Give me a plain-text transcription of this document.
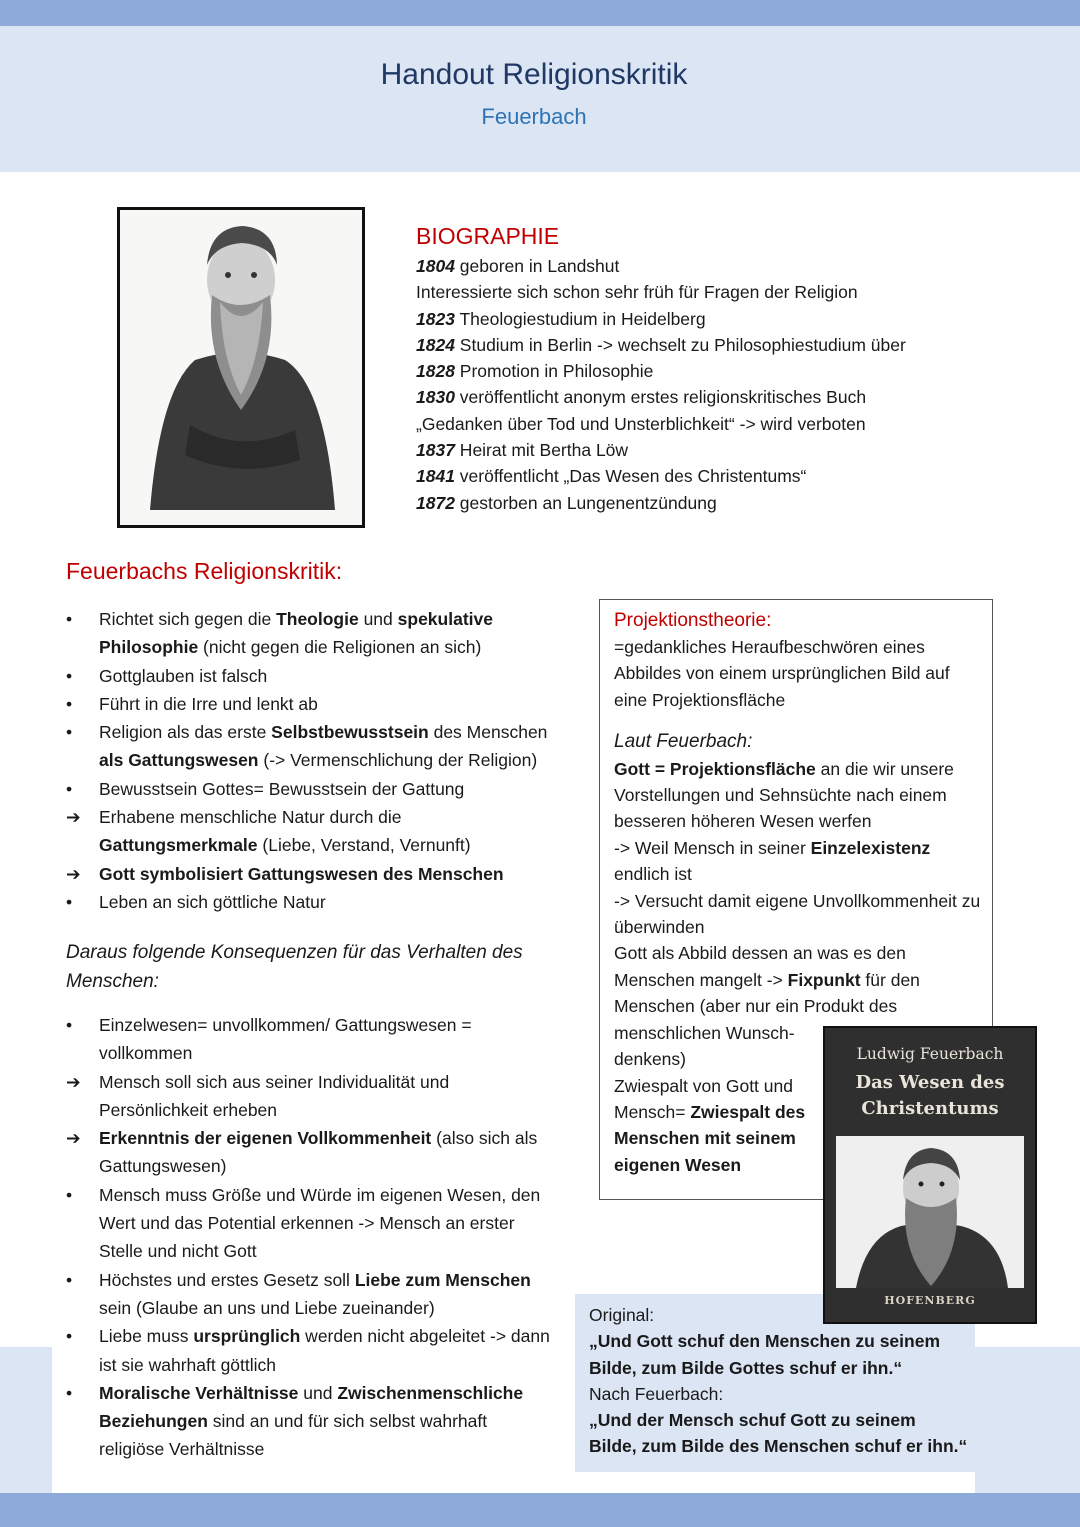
Handout Religionskritik
Feuerbach
BIOGRAPHIE
1804 geboren in Landshut
Interessierte sich schon sehr früh für Fragen der Religion
1823 Theologiestudium in Heidelberg
1824 Studium in Berlin -> wechselt zu Philosophiestudium über
1828 Promotion in Philosophie
1830 veröffentlicht anonym erstes religionskritisches Buch
„Gedanken über Tod und Unsterblichkeit“ -> wird verboten
1837 Heirat mit Bertha Löw
1841 veröffentlicht „Das Wesen des Christentums“
1872 gestorben an Lungenentzündung
Feuerbachs Religionskritik:
•	Richtet sich gegen die Theologie und spekulative Philosophie (nicht gegen die Religionen an sich)
•	Gottglauben ist falsch
•	Führt in die Irre und lenkt ab
•	Religion als das erste Selbstbewusstsein des Menschen als Gattungswesen (-> Vermenschlichung der Religion)
•	Bewusstsein Gottes= Bewusstsein der Gattung
➔	Erhabene menschliche Natur durch die Gattungsmerkmale (Liebe, Verstand, Vernunft)
➔	Gott symbolisiert Gattungswesen des Menschen
•	Leben an sich göttliche Natur
Daraus folgende Konsequenzen für das Verhalten des Menschen:
•	Einzelwesen= unvollkommen/ Gattungswesen = vollkommen
➔	Mensch soll sich aus seiner Individualität und Persönlichkeit erheben
➔	Erkenntnis der eigenen Vollkommenheit (also sich als Gattungswesen)
•	Mensch muss Größe und Würde im eigenen Wesen, den Wert und das Potential erkennen -> Mensch an erster Stelle und nicht Gott
•	Höchstes und erstes Gesetz soll Liebe zum Menschen sein (Glaube an uns und Liebe zueinander)
•	Liebe muss ursprünglich werden nicht abgeleitet -> dann ist sie wahrhaft göttlich
•	Moralische Verhältnisse und Zwischenmenschliche Beziehungen sind an und für sich selbst wahrhaft religiöse Verhältnisse
Projektionstheorie:
=gedankliches Heraufbeschwören eines Abbildes von einem ursprünglichen Bild auf eine Projektionsfläche
Laut Feuerbach:
Gott = Projektionsfläche an die wir unsere Vorstellungen und Sehnsüchte nach einem besseren höheren Wesen werfen
-> Weil Mensch in seiner Einzelexistenz endlich ist
-> Versucht damit eigene Unvollkommenheit zu überwinden
Gott als Abbild dessen an was es den
Menschen mangelt -> Fixpunkt für den
Menschen (aber nur ein Produkt des
menschlichen Wunsch-
denkens)
Zwiespalt von Gott und
Mensch= Zwiespalt des
Menschen mit seinem
eigenen Wesen
Original:
„Und Gott schuf den Menschen zu seinem
Bilde, zum Bilde Gottes schuf er ihn.“
Nach Feuerbach:
„Und der Mensch schuf Gott zu seinem
Bilde, zum Bilde des Menschen schuf er ihn.“
Ludwig Feuerbach
Das Wesen des
Christentums
HOFENBERG
